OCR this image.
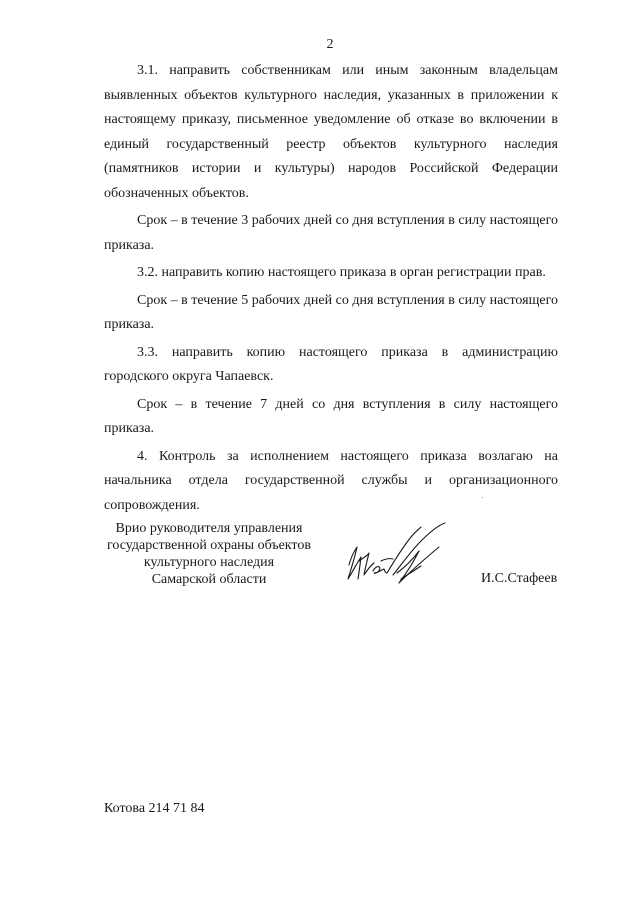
2

3.1. направить собственникам или иным законным владельцам выявленных объектов культурного наследия, указанных в приложении к настоящему приказу, письменное уведомление об отказе во включении в единый государственный реестр объектов культурного наследия (памятников истории и культуры) народов Российской Федерации обозначенных объектов.

Срок – в течение 3 рабочих дней со дня вступления в силу настоящего приказа.

3.2. направить копию настоящего приказа в орган регистрации прав.

Срок – в течение 5 рабочих дней со дня вступления в силу настоящего приказа.

3.3. направить копию настоящего приказа в администрацию городского округа Чапаевск.

Срок – в течение 7 дней со дня вступления в силу настоящего приказа.

4. Контроль за исполнением настоящего приказа возлагаю на начальника отдела государственной службы и организационного сопровождения.

Врио руководителя управления
государственной охраны объектов
культурного наследия
Самарской области	И.С.Стафеев
Котова 214 71 84
